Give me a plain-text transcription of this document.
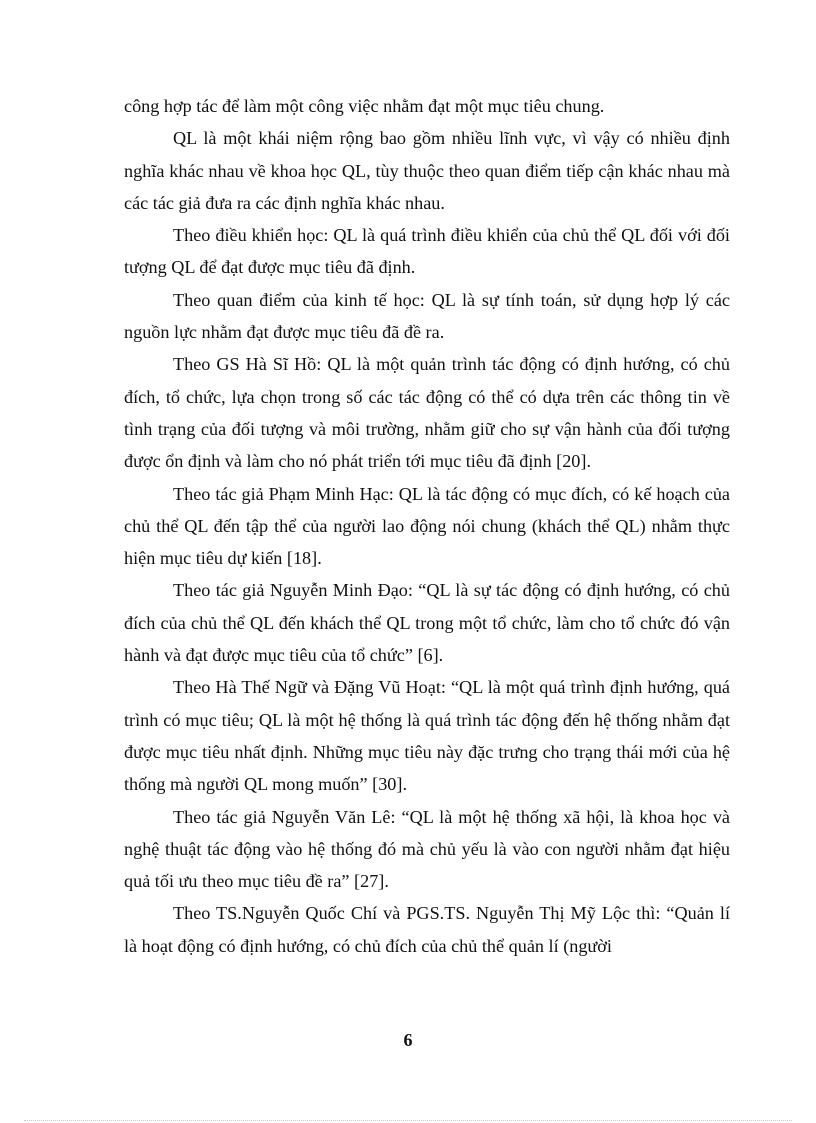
công hợp tác để làm một công việc nhằm đạt một mục tiêu chung.

QL là một khái niệm rộng bao gồm nhiều lĩnh vực, vì vậy có nhiều định nghĩa khác nhau về khoa học QL, tùy thuộc theo quan điểm tiếp cận khác nhau mà các tác giả đưa ra các định nghĩa khác nhau.

Theo điều khiển học: QL là quá trình điều khiển của chủ thể QL đối với đối tượng QL để đạt được mục tiêu đã định.

Theo quan điểm của kinh tế học: QL là sự tính toán, sử dụng hợp lý các nguồn lực nhằm đạt được mục tiêu đã đề ra.

Theo GS Hà Sĩ Hồ: QL là một quản trình tác động có định hướng, có chủ đích, tổ chức, lựa chọn trong số các tác động có thể có dựa trên các thông tin về tình trạng của đối tượng và môi trường, nhằm giữ cho sự vận hành của đối tượng được ổn định và làm cho nó phát triển tới mục tiêu đã định [20].

Theo tác giả Phạm Minh Hạc: QL là tác động có mục đích, có kế hoạch của chủ thể QL đến tập thể của người lao động nói chung (khách thể QL) nhằm thực hiện mục tiêu dự kiến [18].

Theo tác giả Nguyễn Minh Đạo: “QL là sự tác động có định hướng, có chủ đích của chủ thể QL đến khách thể QL trong một tổ chức, làm cho tổ chức đó vận hành và đạt được mục tiêu của tổ chức” [6].

Theo Hà Thế Ngữ và Đặng Vũ Hoạt: “QL là một quá trình định hướng, quá trình có mục tiêu; QL là một hệ thống là quá trình tác động đến hệ thống nhằm đạt được mục tiêu nhất định. Những mục tiêu này đặc trưng cho trạng thái mới của hệ thống mà người QL mong muốn” [30].

Theo tác giả Nguyễn Văn Lê: “QL là một hệ thống xã hội, là khoa học và nghệ thuật tác động vào hệ thống đó mà chủ yếu là vào con người nhằm đạt hiệu quả tối ưu theo mục tiêu đề ra” [27].

Theo TS.Nguyễn Quốc Chí và PGS.TS. Nguyễn Thị Mỹ Lộc thì: “Quản lí là hoạt động có định hướng, có chủ đích của chủ thể quản lí (người

6
